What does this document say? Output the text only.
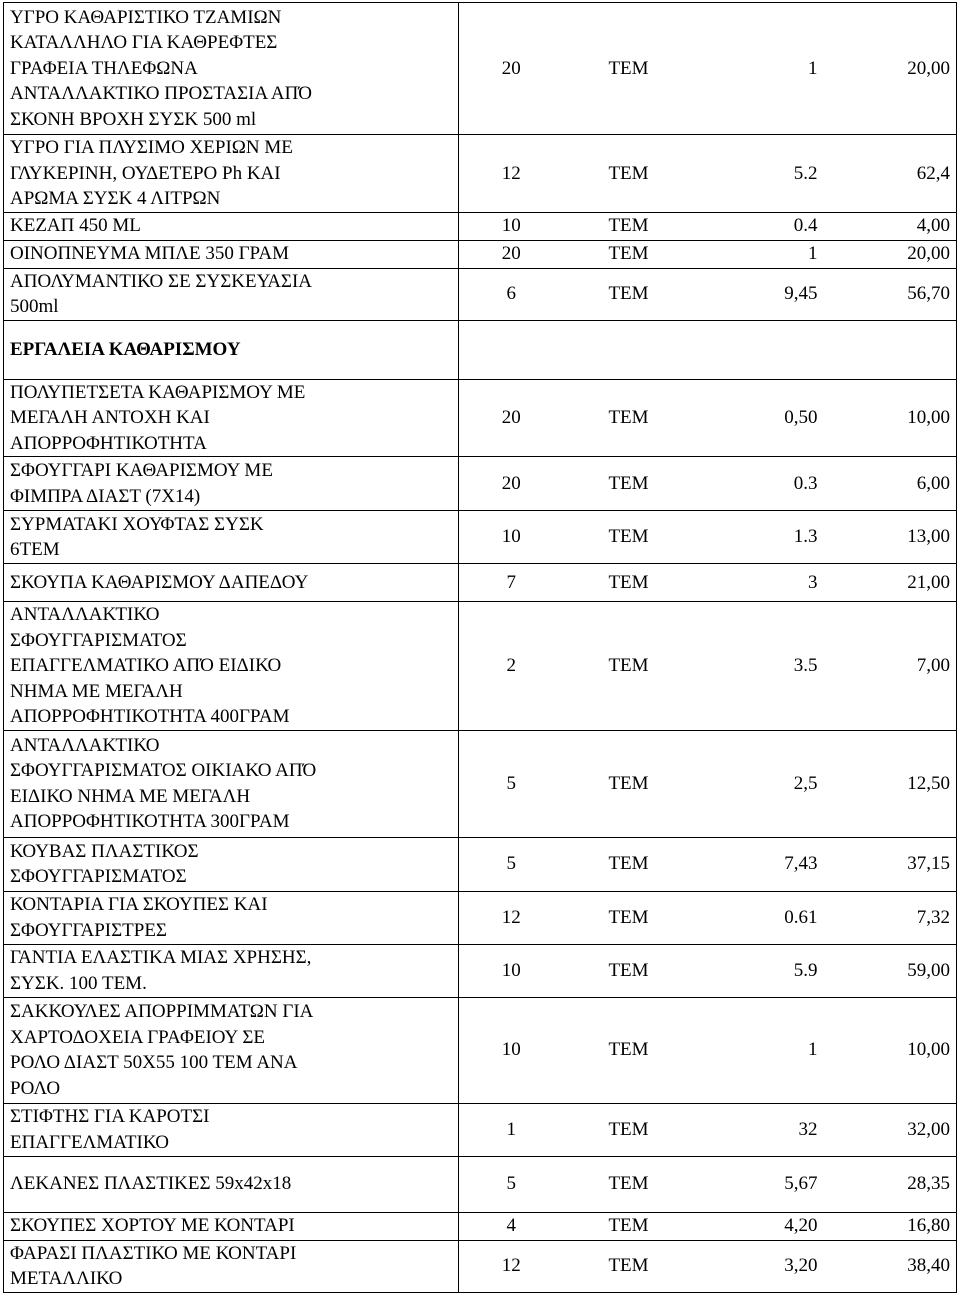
ΥΓΡΟ ΚΑΘΑΡΙΣΤΙΚΟ ΤΖΑΜΙΩΝ
ΚΑΤΑΛΛΗΛΟ ΓΙΑ ΚΑΘΡΕΦΤΕΣ
ΓΡΑΦΕΙΑ ΤΗΛΕΦΩΝΑ
ΑΝΤΑΛΛΑΚΤΙΚΟ ΠΡΟΣΤΑΣΙΑ ΑΠΌ
ΣΚΟΝΗ ΒΡΟΧΗ ΣΥΣΚ 500 ml	20	ΤΕΜ	1	20,00
ΥΓΡΟ ΓΙΑ ΠΛΥΣΙΜΟ ΧΕΡΙΩΝ ΜΕ
ΓΛΥΚΕΡΙΝΗ, ΟΥΔΕΤΕΡΟ Ph ΚΑΙ
ΑΡΩΜΑ ΣΥΣΚ 4 ΛΙΤΡΩΝ	12	ΤΕΜ	5.2	62,4
ΚΕΖΑΠ 450 ML	10	ΤΕΜ	0.4	4,00
ΟΙΝΟΠΝΕΥΜΑ ΜΠΛΕ 350 ΓΡΑΜ	20	ΤΕΜ	1	20,00
ΑΠΟΛΥΜΑΝΤΙΚΟ ΣΕ ΣΥΣΚΕΥΑΣΙΑ
500ml	6	ΤΕΜ	9,45	56,70
ΕΡΓΑΛΕΙΑ ΚΑΘΑΡΙΣΜΟΥ				
ΠΟΛΥΠΕΤΣΕΤΑ ΚΑΘΑΡΙΣΜΟΥ ΜΕ
ΜΕΓΑΛΗ ΑΝΤΟΧΗ ΚΑΙ
ΑΠΟΡΡΟΦΗΤΙΚΟΤΗΤΑ	20	ΤΕΜ	0,50	10,00
ΣΦΟΥΓΓΑΡΙ ΚΑΘΑΡΙΣΜΟΥ ΜΕ
ΦΙΜΠΡΑ ΔΙΑΣΤ (7Χ14)	20	ΤΕΜ	0.3	6,00
ΣΥΡΜΑΤΑΚΙ ΧΟΥΦΤΑΣ ΣΥΣΚ
6ΤΕΜ	10	ΤΕΜ	1.3	13,00
ΣΚΟΥΠΑ ΚΑΘΑΡΙΣΜΟΥ ΔΑΠΕΔΟΥ	7	ΤΕΜ	3	21,00
ΑΝΤΑΛΛΑΚΤΙΚΟ
ΣΦΟΥΓΓΑΡΙΣΜΑΤΟΣ
ΕΠΑΓΓΕΛΜΑΤΙΚΟ ΑΠΌ ΕΙΔΙΚΟ
ΝΗΜΑ ΜΕ ΜΕΓΑΛΗ
ΑΠΟΡΡΟΦΗΤΙΚΟΤΗΤΑ 400ΓΡΑΜ	2	ΤΕΜ	3.5	7,00
ΑΝΤΑΛΛΑΚΤΙΚΟ
ΣΦΟΥΓΓΑΡΙΣΜΑΤΟΣ ΟΙΚΙΑΚΟ ΑΠΌ
ΕΙΔΙΚΟ ΝΗΜΑ ΜΕ ΜΕΓΑΛΗ
ΑΠΟΡΡΟΦΗΤΙΚΟΤΗΤΑ 300ΓΡΑΜ	5	ΤΕΜ	2,5	12,50
ΚΟΥΒΑΣ ΠΛΑΣΤΙΚΟΣ
ΣΦΟΥΓΓΑΡΙΣΜΑΤΟΣ	5	ΤΕΜ	7,43	37,15
ΚΟΝΤΑΡΙΑ ΓΙΑ ΣΚΟΥΠΕΣ ΚΑΙ
ΣΦΟΥΓΓΑΡΙΣΤΡΕΣ	12	ΤΕΜ	0.61	7,32
ΓΑΝΤΙΑ ΕΛΑΣΤΙΚΑ ΜΙΑΣ ΧΡΗΣΗΣ,
ΣΥΣΚ. 100 ΤΕΜ.	10	ΤΕΜ	5.9	59,00
ΣΑΚΚΟΥΛΕΣ ΑΠΟΡΡΙΜΜΑΤΩΝ ΓΙΑ
ΧΑΡΤΟΔΟΧΕΙΑ ΓΡΑΦΕΙΟΥ ΣΕ
ΡΟΛΟ ΔΙΑΣΤ 50Χ55 100 ΤΕΜ ΑΝΑ
ΡΟΛΟ	10	ΤΕΜ	1	10,00
ΣΤΙΦΤΗΣ ΓΙΑ ΚΑΡΟΤΣΙ
ΕΠΑΓΓΕΛΜΑΤΙΚΟ	1	ΤΕΜ	32	32,00
ΛΕΚΑΝΕΣ ΠΛΑΣΤΙΚΕΣ 59x42x18	5	ΤΕΜ	5,67	28,35
ΣΚΟΥΠΕΣ ΧΟΡΤΟΥ ΜΕ ΚΟΝΤΑΡΙ	4	ΤΕΜ	4,20	16,80
ΦΑΡΑΣΙ ΠΛΑΣΤΙΚΟ ΜΕ ΚΟΝΤΑΡΙ
ΜΕΤΑΛΛΙΚΟ	12	ΤΕΜ	3,20	38,40
